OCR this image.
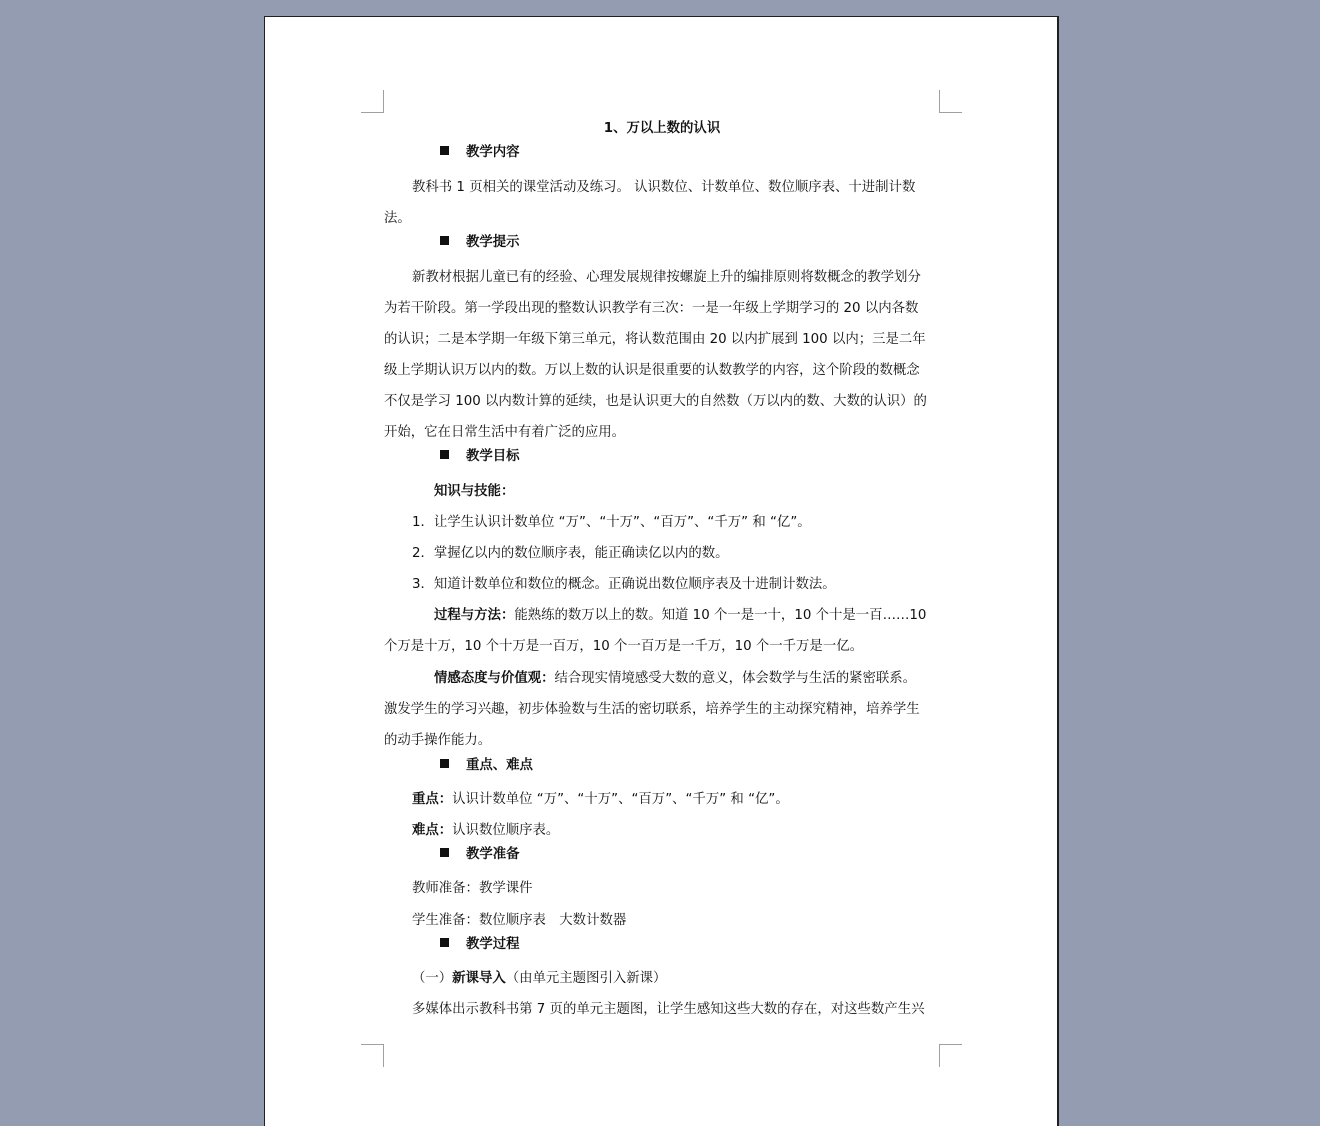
1、万以上数的认识
教学内容
教科书 1 页相关的课堂活动及练习。 认识数位、计数单位、数位顺序表、十进制计数
法。
教学提示
新教材根据儿童已有的经验、心理发展规律按螺旋上升的编排原则将数概念的教学划分
为若干阶段。第一学段出现的整数认识教学有三次：一是一年级上学期学习的 20 以内各数
的认识；二是本学期一年级下第三单元，将认数范围由 20 以内扩展到 100 以内；三是二年
级上学期认识万以内的数。万以上数的认识是很重要的认数教学的内容，这个阶段的数概念
不仅是学习 100 以内数计算的延续，也是认识更大的自然数（万以内的数、大数的认识）的
开始，它在日常生活中有着广泛的应用。
教学目标
知识与技能：
1．让学生认识计数单位 “万”、“十万”、“百万”、“千万” 和 “亿”。
2．掌握亿以内的数位顺序表，能正确读亿以内的数。
3．知道计数单位和数位的概念。正确说出数位顺序表及十进制计数法。
过程与方法：能熟练的数万以上的数。知道 10 个一是一十，10 个十是一百……10
个万是十万，10 个十万是一百万，10 个一百万是一千万，10 个一千万是一亿。
情感态度与价值观：结合现实情境感受大数的意义，体会数学与生活的紧密联系。
激发学生的学习兴趣，初步体验数与生活的密切联系，培养学生的主动探究精神，培养学生
的动手操作能力。
重点、难点
重点：认识计数单位 “万”、“十万”、“百万”、“千万” 和 “亿”。
难点：认识数位顺序表。
教学准备
教师准备：教学课件
学生准备：数位顺序表　大数计数器
教学过程
（一）新课导入（由单元主题图引入新课）
多媒体出示教科书第 7 页的单元主题图，让学生感知这些大数的存在，对这些数产生兴
